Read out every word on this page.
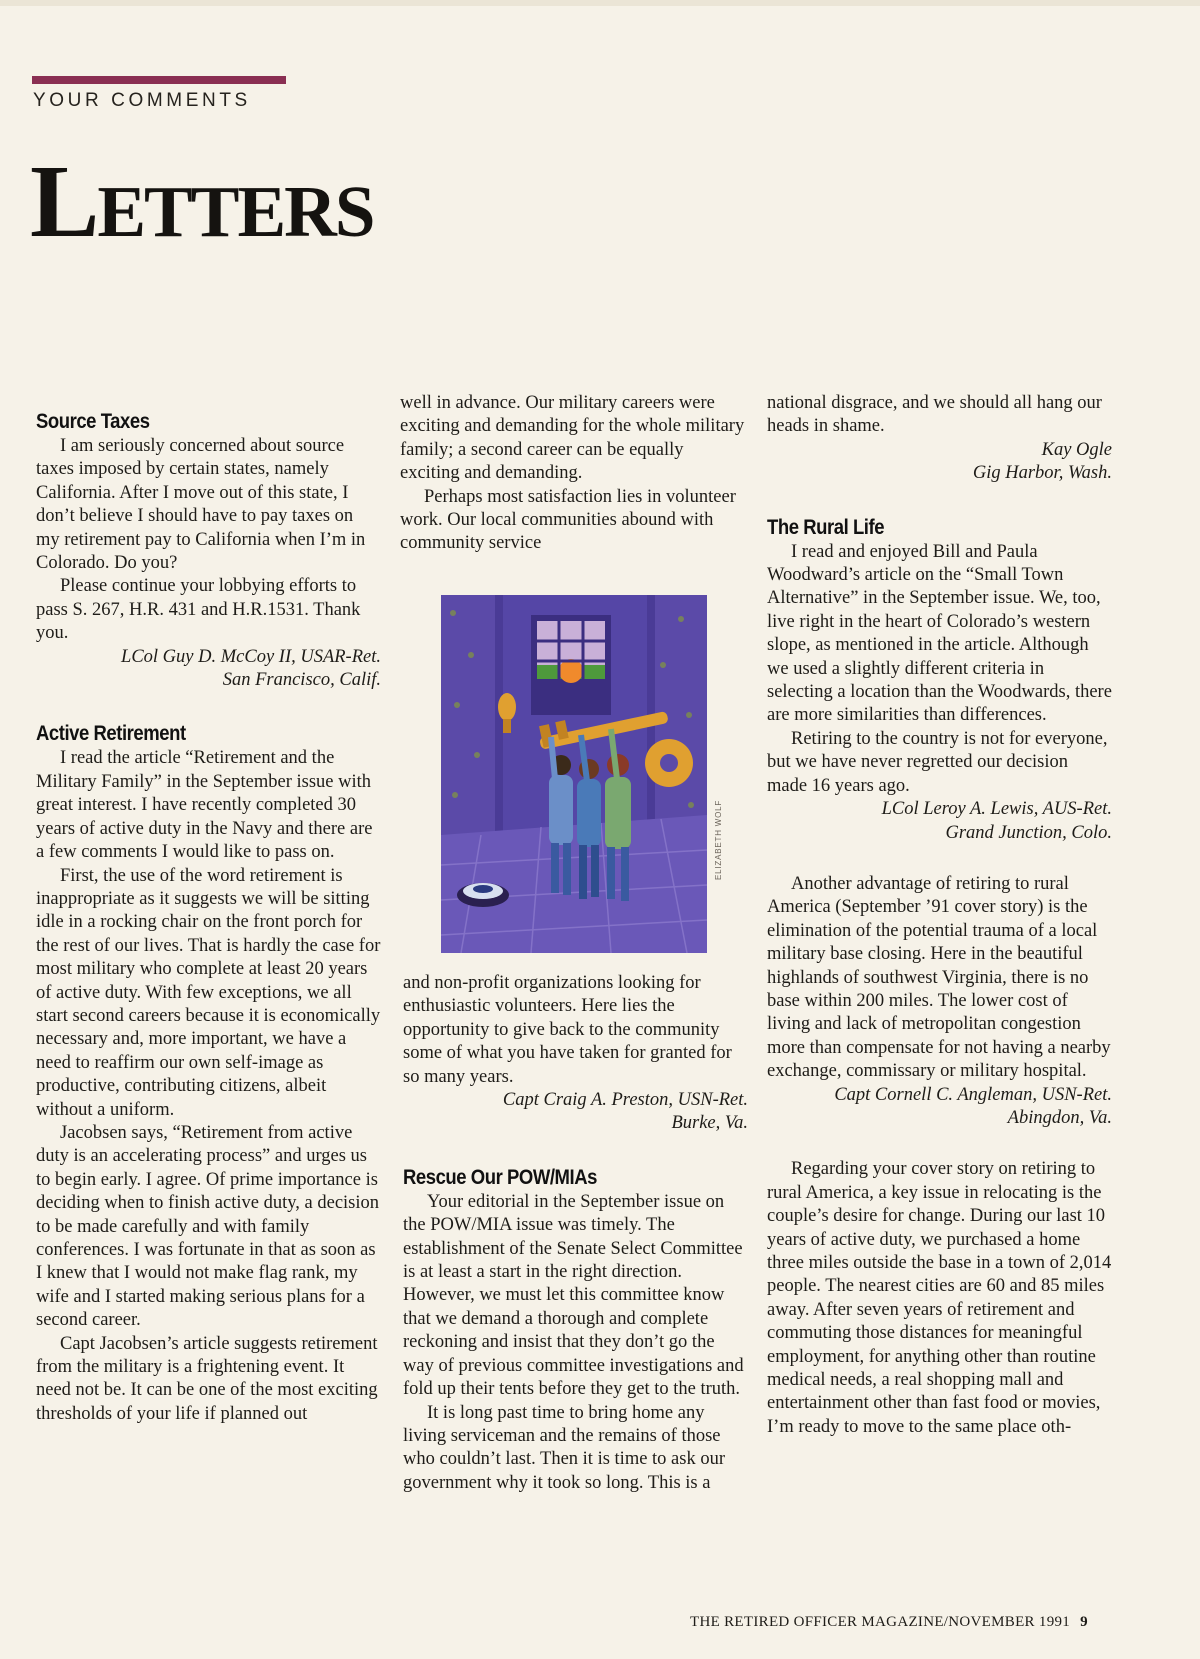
YOUR COMMENTS
Letters
Source Taxes

I am seriously concerned about source taxes imposed by certain states, namely California. After I move out of this state, I don’t believe I should have to pay taxes on my retirement pay to California when I’m in Colorado. Do you?

Please continue your lobbying efforts to pass S. 267, H.R. 431 and H.R.1531. Thank you.

LCol Guy D. McCoy II, USAR-Ret.

San Francisco, Calif.

Active Retirement

I read the article “Retirement and the Military Family” in the September issue with great interest. I have recently completed 30 years of active duty in the Navy and there are a few comments I would like to pass on.

First, the use of the word retirement is inappropriate as it suggests we will be sitting idle in a rocking chair on the front porch for the rest of our lives. That is hardly the case for most military who complete at least 20 years of active duty. With few exceptions, we all start second careers because it is economically necessary and, more important, we have a need to reaffirm our own self-image as productive, contributing citizens, albeit without a uniform.

Jacobsen says, “Retirement from active duty is an accelerating process” and urges us to begin early. I agree. Of prime importance is deciding when to finish active duty, a decision to be made carefully and with family conferences. I was fortunate in that as soon as I knew that I would not make flag rank, my wife and I started making serious plans for a second career.

Capt Jacobsen’s article suggests retirement from the military is a frightening event. It need not be. It can be one of the most exciting thresholds of your life if planned out

well in advance. Our military careers were exciting and demanding for the whole military family; a second career can be equally exciting and demanding.

Perhaps most satisfaction lies in volunteer work. Our local communities abound with community service

ELIZABETH WOLF

and non-profit organizations looking for enthusiastic volunteers. Here lies the opportunity to give back to the community some of what you have taken for granted for so many years.

Capt Craig A. Preston, USN-Ret.

Burke, Va.

Rescue Our POW/MIAs

Your editorial in the September issue on the POW/MIA issue was timely. The establishment of the Senate Select Committee is at least a start in the right direction. However, we must let this committee know that we demand a thorough and complete reckoning and insist that they don’t go the way of previous committee investigations and fold up their tents before they get to the truth.

It is long past time to bring home any living serviceman and the remains of those who couldn’t last. Then it is time to ask our government why it took so long. This is a

national disgrace, and we should all hang our heads in shame.

Kay Ogle

Gig Harbor, Wash.

The Rural Life

I read and enjoyed Bill and Paula Woodward’s article on the “Small Town Alternative” in the September issue. We, too, live right in the heart of Colorado’s western slope, as mentioned in the article. Although we used a slightly different criteria in selecting a location than the Woodwards, there are more similarities than differences.

Retiring to the country is not for everyone, but we have never regretted our decision made 16 years ago.

LCol Leroy A. Lewis, AUS-Ret.

Grand Junction, Colo.

Another advantage of retiring to rural America (September ’91 cover story) is the elimination of the potential trauma of a local military base closing. Here in the beautiful highlands of southwest Virginia, there is no base within 200 miles. The lower cost of living and lack of metropolitan congestion more than compensate for not having a nearby exchange, commissary or military hospital.

Capt Cornell C. Angleman, USN-Ret.

Abingdon, Va.

Regarding your cover story on retiring to rural America, a key issue in relocating is the couple’s desire for change. During our last 10 years of active duty, we purchased a home three miles outside the base in a town of 2,014 people. The nearest cities are 60 and 85 miles away. After seven years of retirement and commuting those distances for meaningful employment, for anything other than routine medical needs, a real shopping mall and entertainment other than fast food or movies, I’m ready to move to the same place oth-

THE RETIRED OFFICER MAGAZINE/NOVEMBER 1991 9
